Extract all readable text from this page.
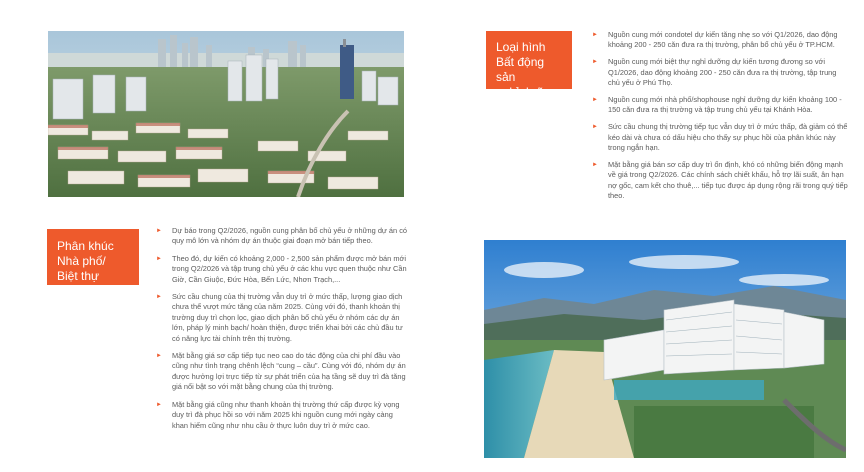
Loại hình
Bất động sản
nghỉ dưỡng
► Nguồn cung mới condotel dự kiến tăng nhẹ so với Q1/2026, dao động khoảng 200 - 250 căn đưa ra thị trường, phân bổ chủ yếu ở TP.HCM.
► Nguồn cung mới biệt thự nghỉ dưỡng dự kiến tương đương so với Q1/2026, dao động khoảng 200 - 250 căn đưa ra thị trường, tập trung chủ yếu ở Phú Thọ.
► Nguồn cung mới nhà phố/shophouse nghỉ dưỡng dự kiến khoảng 100 - 150 căn đưa ra thị trường và tập trung chủ yếu tại Khánh Hòa.
► Sức cầu chung thị trường tiếp tục vẫn duy trì ở mức thấp, đà giảm có thể kéo dài và chưa có dấu hiệu cho thấy sự phục hồi của phân khúc này trong ngắn hạn.
► Mặt bằng giá bán sơ cấp duy trì ổn định, khó có những biến động mạnh về giá trong Q2/2026. Các chính sách chiết khấu, hỗ trợ lãi suất, ân hạn nợ gốc, cam kết cho thuê,... tiếp tục được áp dụng rộng rãi trong quý tiếp theo.
Phân khúc
Nhà phố/
Biệt thự
► Dự báo trong Q2/2026, nguồn cung phân bố chủ yếu ở những dự án có quy mô lớn và nhóm dự án thuộc giai đoạn mở bán tiếp theo.
► Theo đó, dự kiến có khoảng 2,000 - 2,500 sản phẩm được mở bán mới trong Q2/2026 và tập trung chủ yếu ở các khu vực quen thuộc như Cần Giờ, Cần Giuộc, Đức Hòa, Bến Lức, Nhơn Trạch,...
► Sức cầu chung của thị trường vẫn duy trì ở mức thấp, lượng giao dịch chưa thể vượt mức tăng của năm 2025. Cùng với đó, thanh khoản thị trường duy trì chọn lọc, giao dịch phân bổ chủ yếu ở nhóm các dự án lớn, pháp lý minh bạch/ hoàn thiện, được triển khai bởi các chủ đầu tư có năng lực tài chính trên thị trường.
► Mặt bằng giá sơ cấp tiếp tục neo cao do tác động của chi phí đầu vào cũng như tình trạng chênh lệch “cung – cầu”. Cùng với đó, nhóm dự án được hưởng lợi trực tiếp từ sự phát triển của hạ tầng sẽ duy trì đà tăng giá nổi bật so với mặt bằng chung của thị trường.
► Mặt bằng giá cũng như thanh khoản thị trường thứ cấp được kỳ vọng duy trì đà phục hồi so với năm 2025 khi nguồn cung mới ngày càng khan hiếm cũng như nhu cầu ở thực luôn duy trì ở mức cao.
